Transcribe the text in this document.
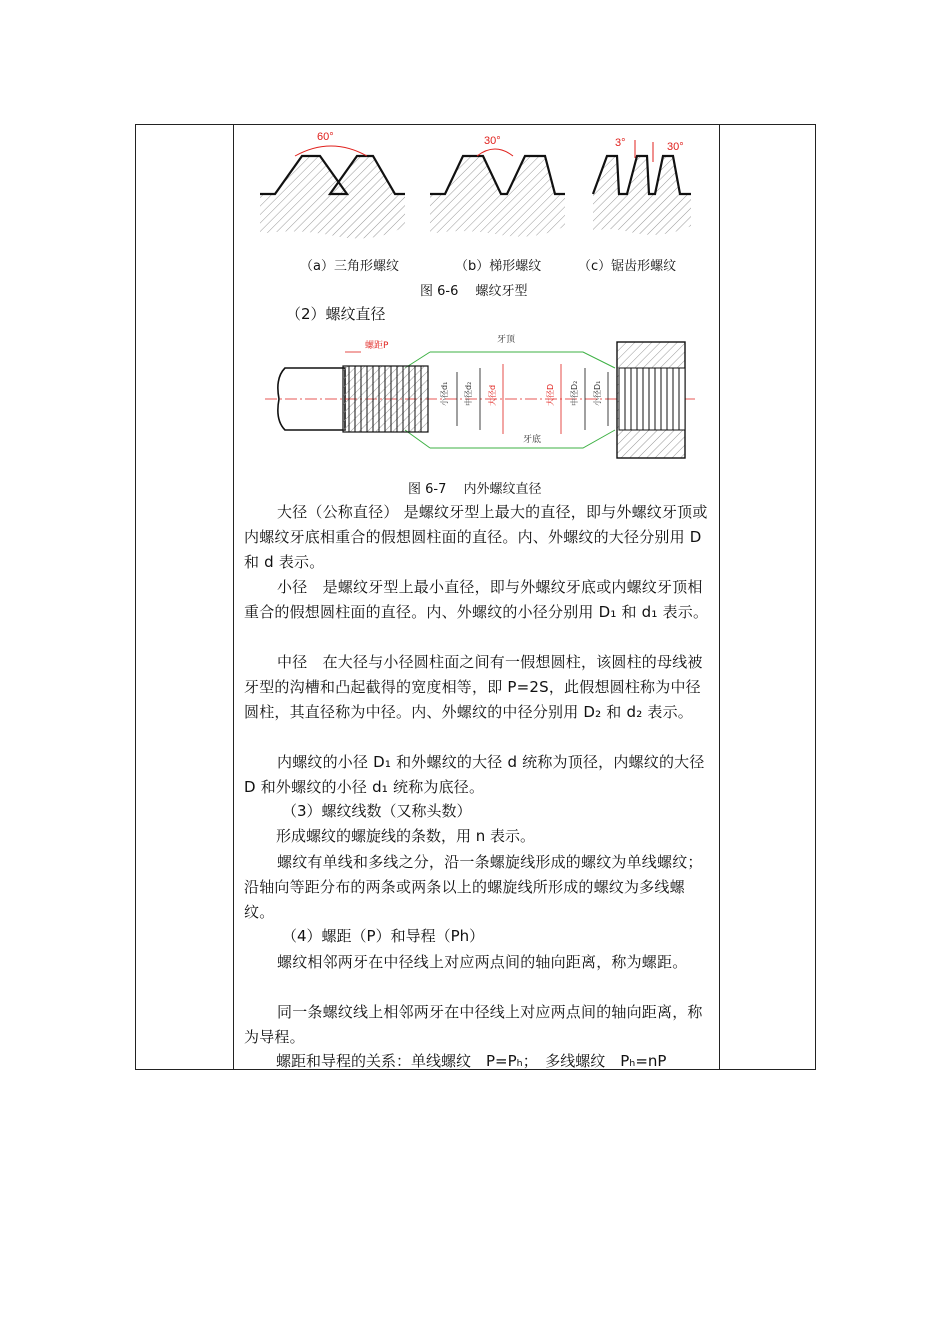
60°	30°	3°	30°
（a）三角形螺纹	（b）梯形螺纹	（c）锯齿形螺纹
图 6-6　 螺纹牙型
（2）螺纹直径
牙顶
牙底
螺距P
小径d₁ 中径d₂ 大径d	大径D 中径D₂ 小径D₁
图 6-7　 内外螺纹直径
大径（公称直径） 是螺纹牙型上最大的直径，即与外螺纹牙顶或内螺纹牙底相重合的假想圆柱面的直径。内、外螺纹的大径分别用 D 和 d 表示。
小径　是螺纹牙型上最小直径，即与外螺纹牙底或内螺纹牙顶相重合的假想圆柱面的直径。内、外螺纹的小径分别用 D₁ 和 d₁ 表示。
中径　在大径与小径圆柱面之间有一假想圆柱，该圆柱的母线被牙型的沟槽和凸起截得的宽度相等，即 P=2S，此假想圆柱称为中径圆柱，其直径称为中径。内、外螺纹的中径分别用 D₂ 和 d₂ 表示。
内螺纹的小径 D₁ 和外螺纹的大径 d 统称为顶径，内螺纹的大径 D 和外螺纹的小径 d₁ 统称为底径。
（3）螺纹线数（又称头数）
形成螺纹的螺旋线的条数，用 n 表示。
螺纹有单线和多线之分，沿一条螺旋线形成的螺纹为单线螺纹；沿轴向等距分布的两条或两条以上的螺旋线所形成的螺纹为多线螺纹。
（4）螺距（P）和导程（Ph）
螺纹相邻两牙在中径线上对应两点间的轴向距离，称为螺距。
同一条螺纹线上相邻两牙在中径线上对应两点间的轴向距离，称为导程。
螺距和导程的关系：单线螺纹　P=Pₕ；　多线螺纹　Pₕ=nP
